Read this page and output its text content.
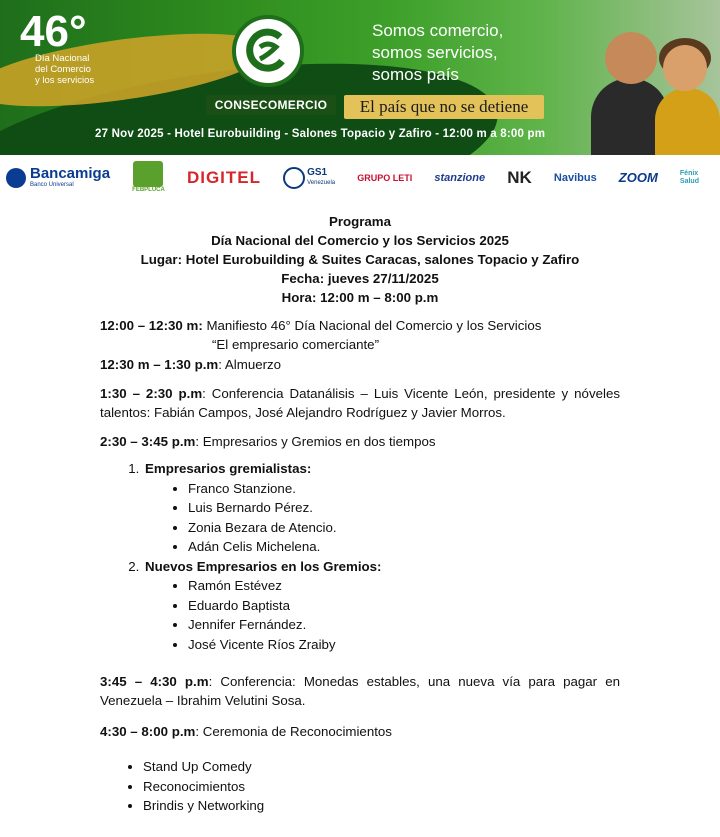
46°
Día Nacional
del Comercio
y los servicios
CONSECOMERCIO
Somos comercio,
somos servicios,
somos país
El país que no se detiene
27 Nov 2025 - Hotel Eurobuilding - Salones Topacio y Zafiro - 12:00 m a 8:00 pm
Bancamiga
Banco Universal
FEBPLUCA
DIGITEL	GS1
Venezuela GRUPO LETI stanzione NK Navibus ZOOM	Fénix Salud
Programa
Día Nacional del Comercio y los Servicios 2025
Lugar: Hotel Eurobuilding & Suites Caracas, salones Topacio y Zafiro
Fecha: jueves 27/11/2025
Hora: 12:00 m – 8:00 p.m

12:00 – 12:30 m: Manifiesto 46° Día Nacional del Comercio y los Servicios

“El empresario comerciante”

12:30 m – 1:30 p.m: Almuerzo

1:30 – 2:30 p.m: Conferencia Datanálisis – Luis Vicente León, presidente y nóveles talentos: Fabián Campos, José Alejandro Rodríguez y Javier Morros.

2:30 – 3:45 p.m: Empresarios y Gremios en dos tiempos

1. Empresarios gremialistas:
• Franco Stanzione.
• Luis Bernardo Pérez.
• Zonia Bezara de Atencio.
• Adán Celis Michelena.
2. Nuevos Empresarios en los Gremios:
• Ramón Estévez
• Eduardo Baptista
• Jennifer Fernández.
• José Vicente Ríos Zraiby

3:45 – 4:30 p.m: Conferencia: Monedas estables, una nueva vía para pagar en Venezuela – Ibrahim Velutini Sosa.

4:30 – 8:00 p.m: Ceremonia de Reconocimientos

• Stand Up Comedy
• Reconocimientos
• Brindis y Networking
